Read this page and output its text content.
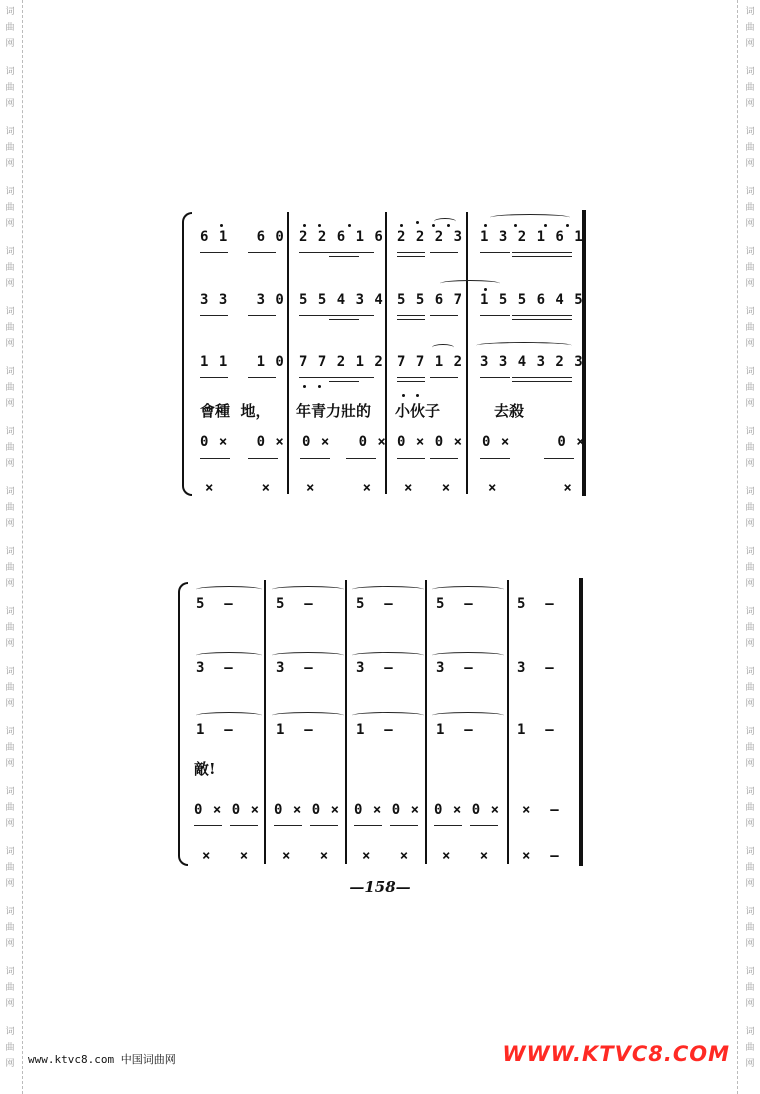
词
曲
网
词
曲
网
词
曲
网
词
曲
网
词
曲
网
词
曲
网
词
曲
网
词
曲
网
词
曲
网
词
曲
网
词
曲
网
词
曲
网
词
曲
网
词
曲
网
词
曲
网
词
曲
网
词
曲
网
词
曲
网
词
曲
网
词
曲
网
词
曲
网
词
曲
网
词
曲
网
词
曲
网
词
曲
网
词
曲
网
词
曲
网
词
曲
网
词
曲
网
词
曲
网
词
曲
网
词
曲
网
词
曲
网
词
曲
网
词
曲
网
词
曲
网
6 1   6 0
3 3   3 0
1 1   1 0
0 ×   0 ×
×     ×
2 2 6 1 6
5 5 4 3 4
7 7 2 1 2
0 ×   0 ×
×     ×
2 2 2 3
5 5 6 7
7 7 1 2
0 × 0 ×
×   ×
1 3 2 1 6 1
1 5 5 6 4 5
3 3 4 3 2 3
0 ×     0 ×
×       ×
會種  地， 年青力壯的 小伙子	去殺
5  —
3  —
1  —
0 × 0 ×
×   ×
5  —
3  —
1  —
0 × 0 ×
×   ×
5  —
3  —
1  —
0 × 0 ×
×   ×
5  —
3  —
1  —
0 × 0 ×
×   ×
5  —
3  —
1  —
×  —
×  —
敵!
—158—
www.ktvc8.com 中国词曲网	WWW.KTVC8.COM
